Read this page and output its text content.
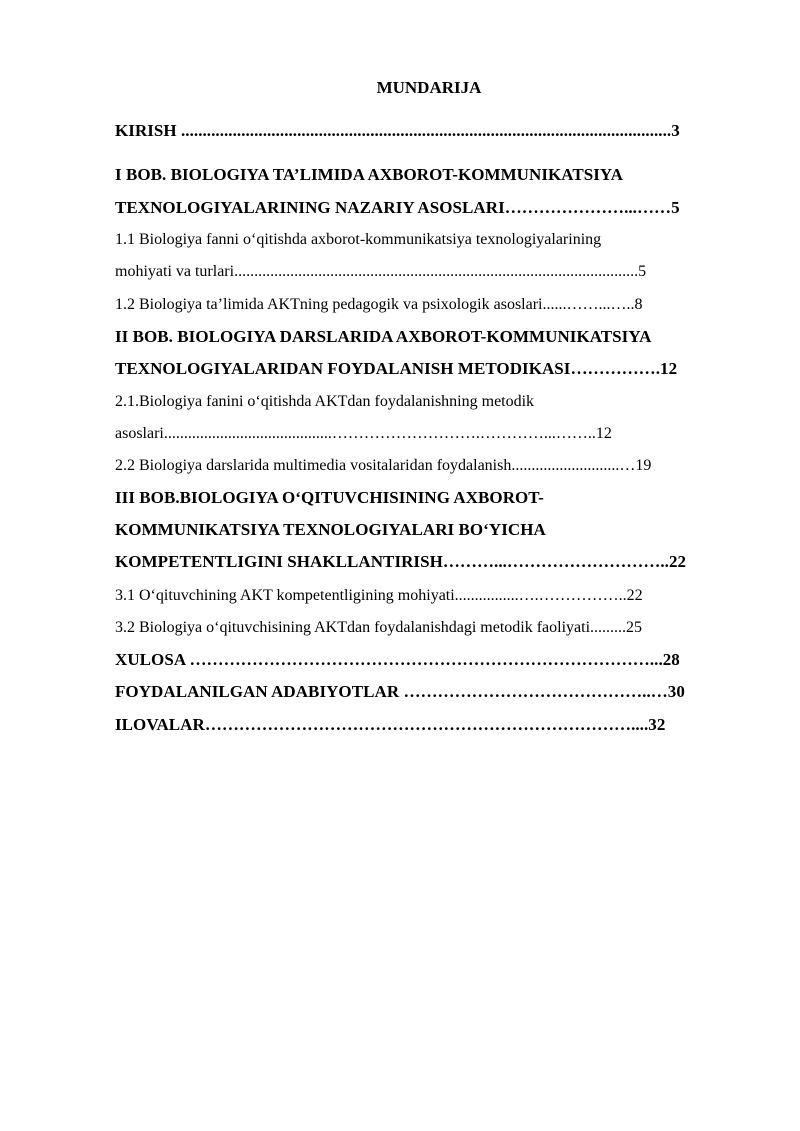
MUNDARIJA
KIRISH ..................................................................................................................3
I BOB. BIOLOGIYA TA’LIMIDA AXBOROT-KOMMUNIKATSIYA
TEXNOLOGIYALARINING NAZARIY ASOSLARI…………………...……5
1.1 Biologiya fanni o‘qitishda axborot-kommunikatsiya texnologiyalarining
mohiyati va turlari.....................................................................................................5
1.2 Biologiya ta’limida AKTning pedagogik va psixologik asoslari......……...…..8
II BOB. BIOLOGIYA DARSLARIDA AXBOROT-KOMMUNIKATSIYA
TEXNOLOGIYALARIDAN FOYDALANISH METODIKASI…………….12
2.1.Biologiya fanini o‘qitishda AKTdan foydalanishning metodik
asoslari..........................................……………………….…………...……..12
2.2 Biologiya darslarida multimedia vositalaridan foydalanish...........................…19
III BOB.BIOLOGIYA O‘QITUVCHISINING AXBOROT-
KOMMUNIKATSIYA TEXNOLOGIYALARI BO‘YICHA
KOMPETENTLIGINI SHAKLLANTIRISH………...………………………..22
3.1 O‘qituvchining AKT kompetentligining mohiyati................….……………..22
3.2 Biologiya o‘qituvchisining AKTdan foydalanishdagi metodik faoliyati.........25
XULOSA ………………………………………………………………………...28
FOYDALANILGAN ADABIYOTLAR ……………………………………..…30
ILOVALAR…………………………………………………………………....32
